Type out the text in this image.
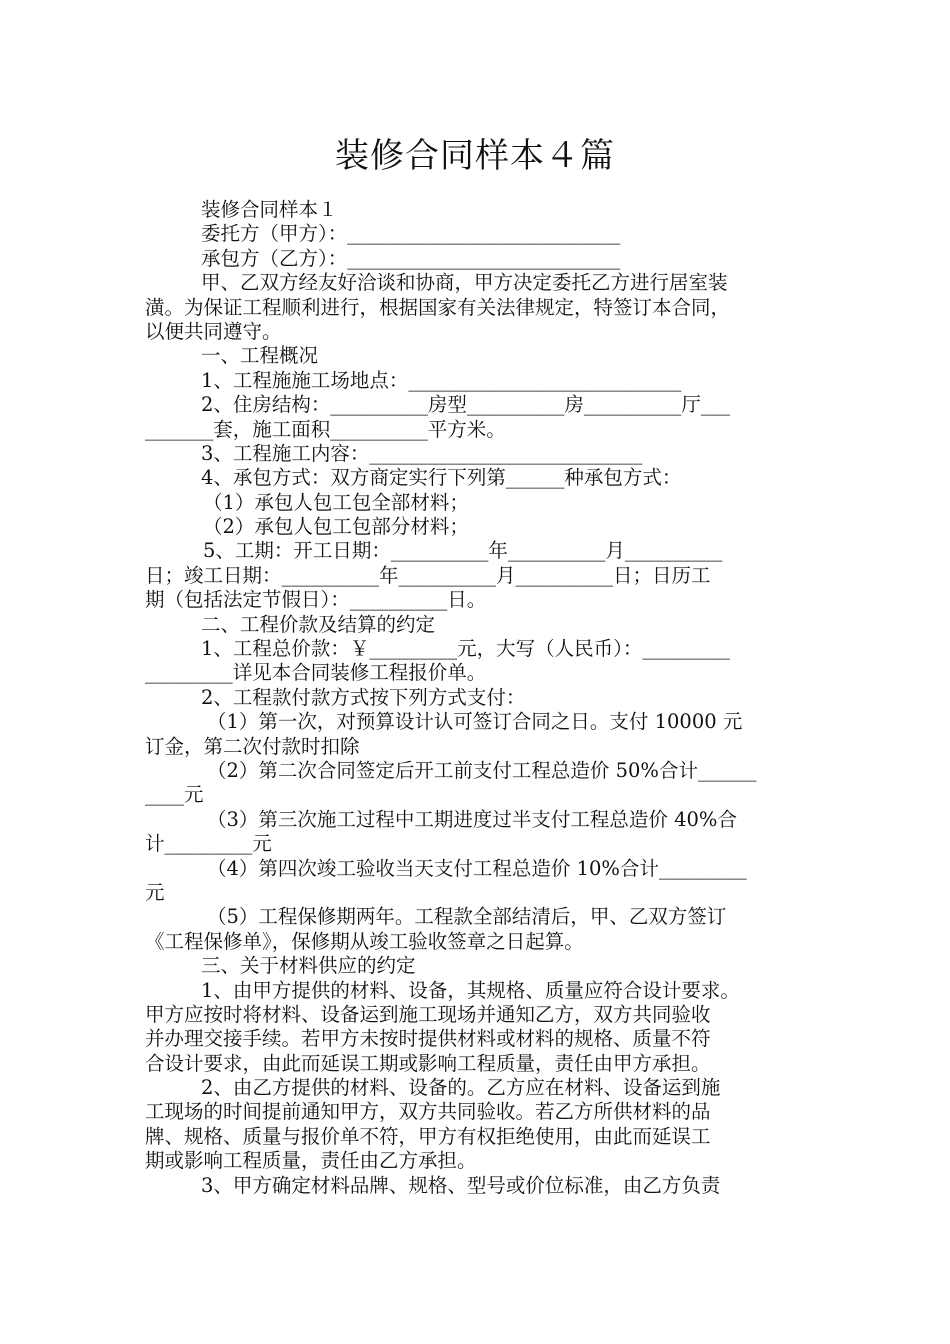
装修合同样本４篇
装修合同样本１
委托方（甲方）：____________________________
承包方（乙方）：____________________________
甲、乙双方经友好洽谈和协商，甲方决定委托乙方进行居室装
潢。为保证工程顺利进行，根据国家有关法律规定，特签订本合同，
以便共同遵守。
一、工程概况
1、工程施施工场地点：____________________________
2、住房结构：__________房型__________房__________厅___
_______套，施工面积__________平方米。
3、工程施工内容：____________________________
4、承包方式：双方商定实行下列第______种承包方式：
（1）承包人包工包全部材料；
（2）承包人包工包部分材料；
5、工期：开工日期：__________年__________月__________
日；竣工日期：__________年__________月__________日；日历工
期（包括法定节假日）：__________日。
二、工程价款及结算的约定
1、工程总价款：￥_________元，大写（人民币）：_________
_________详见本合同装修工程报价单。
2、工程款付款方式按下列方式支付：
（1）第一次，对预算设计认可签订合同之日。支付 10000 元
订金，第二次付款时扣除
（2）第二次合同签定后开工前支付工程总造价 50%合计______
____元
（3）第三次施工过程中工期进度过半支付工程总造价 40%合
计_________元
（4）第四次竣工验收当天支付工程总造价 10%合计_________
元
（5）工程保修期两年。工程款全部结清后，甲、乙双方签订
《工程保修单》，保修期从竣工验收签章之日起算。
三、关于材料供应的约定
1、由甲方提供的材料、设备，其规格、质量应符合设计要求。
甲方应按时将材料、设备运到施工现场并通知乙方，双方共同验收
并办理交接手续。若甲方未按时提供材料或材料的规格、质量不符
合设计要求，由此而延误工期或影响工程质量，责任由甲方承担。
2、由乙方提供的材料、设备的。乙方应在材料、设备运到施
工现场的时间提前通知甲方，双方共同验收。若乙方所供材料的品
牌、规格、质量与报价单不符，甲方有权拒绝使用，由此而延误工
期或影响工程质量，责任由乙方承担。
3、甲方确定材料品牌、规格、型号或价位标准，由乙方负责
